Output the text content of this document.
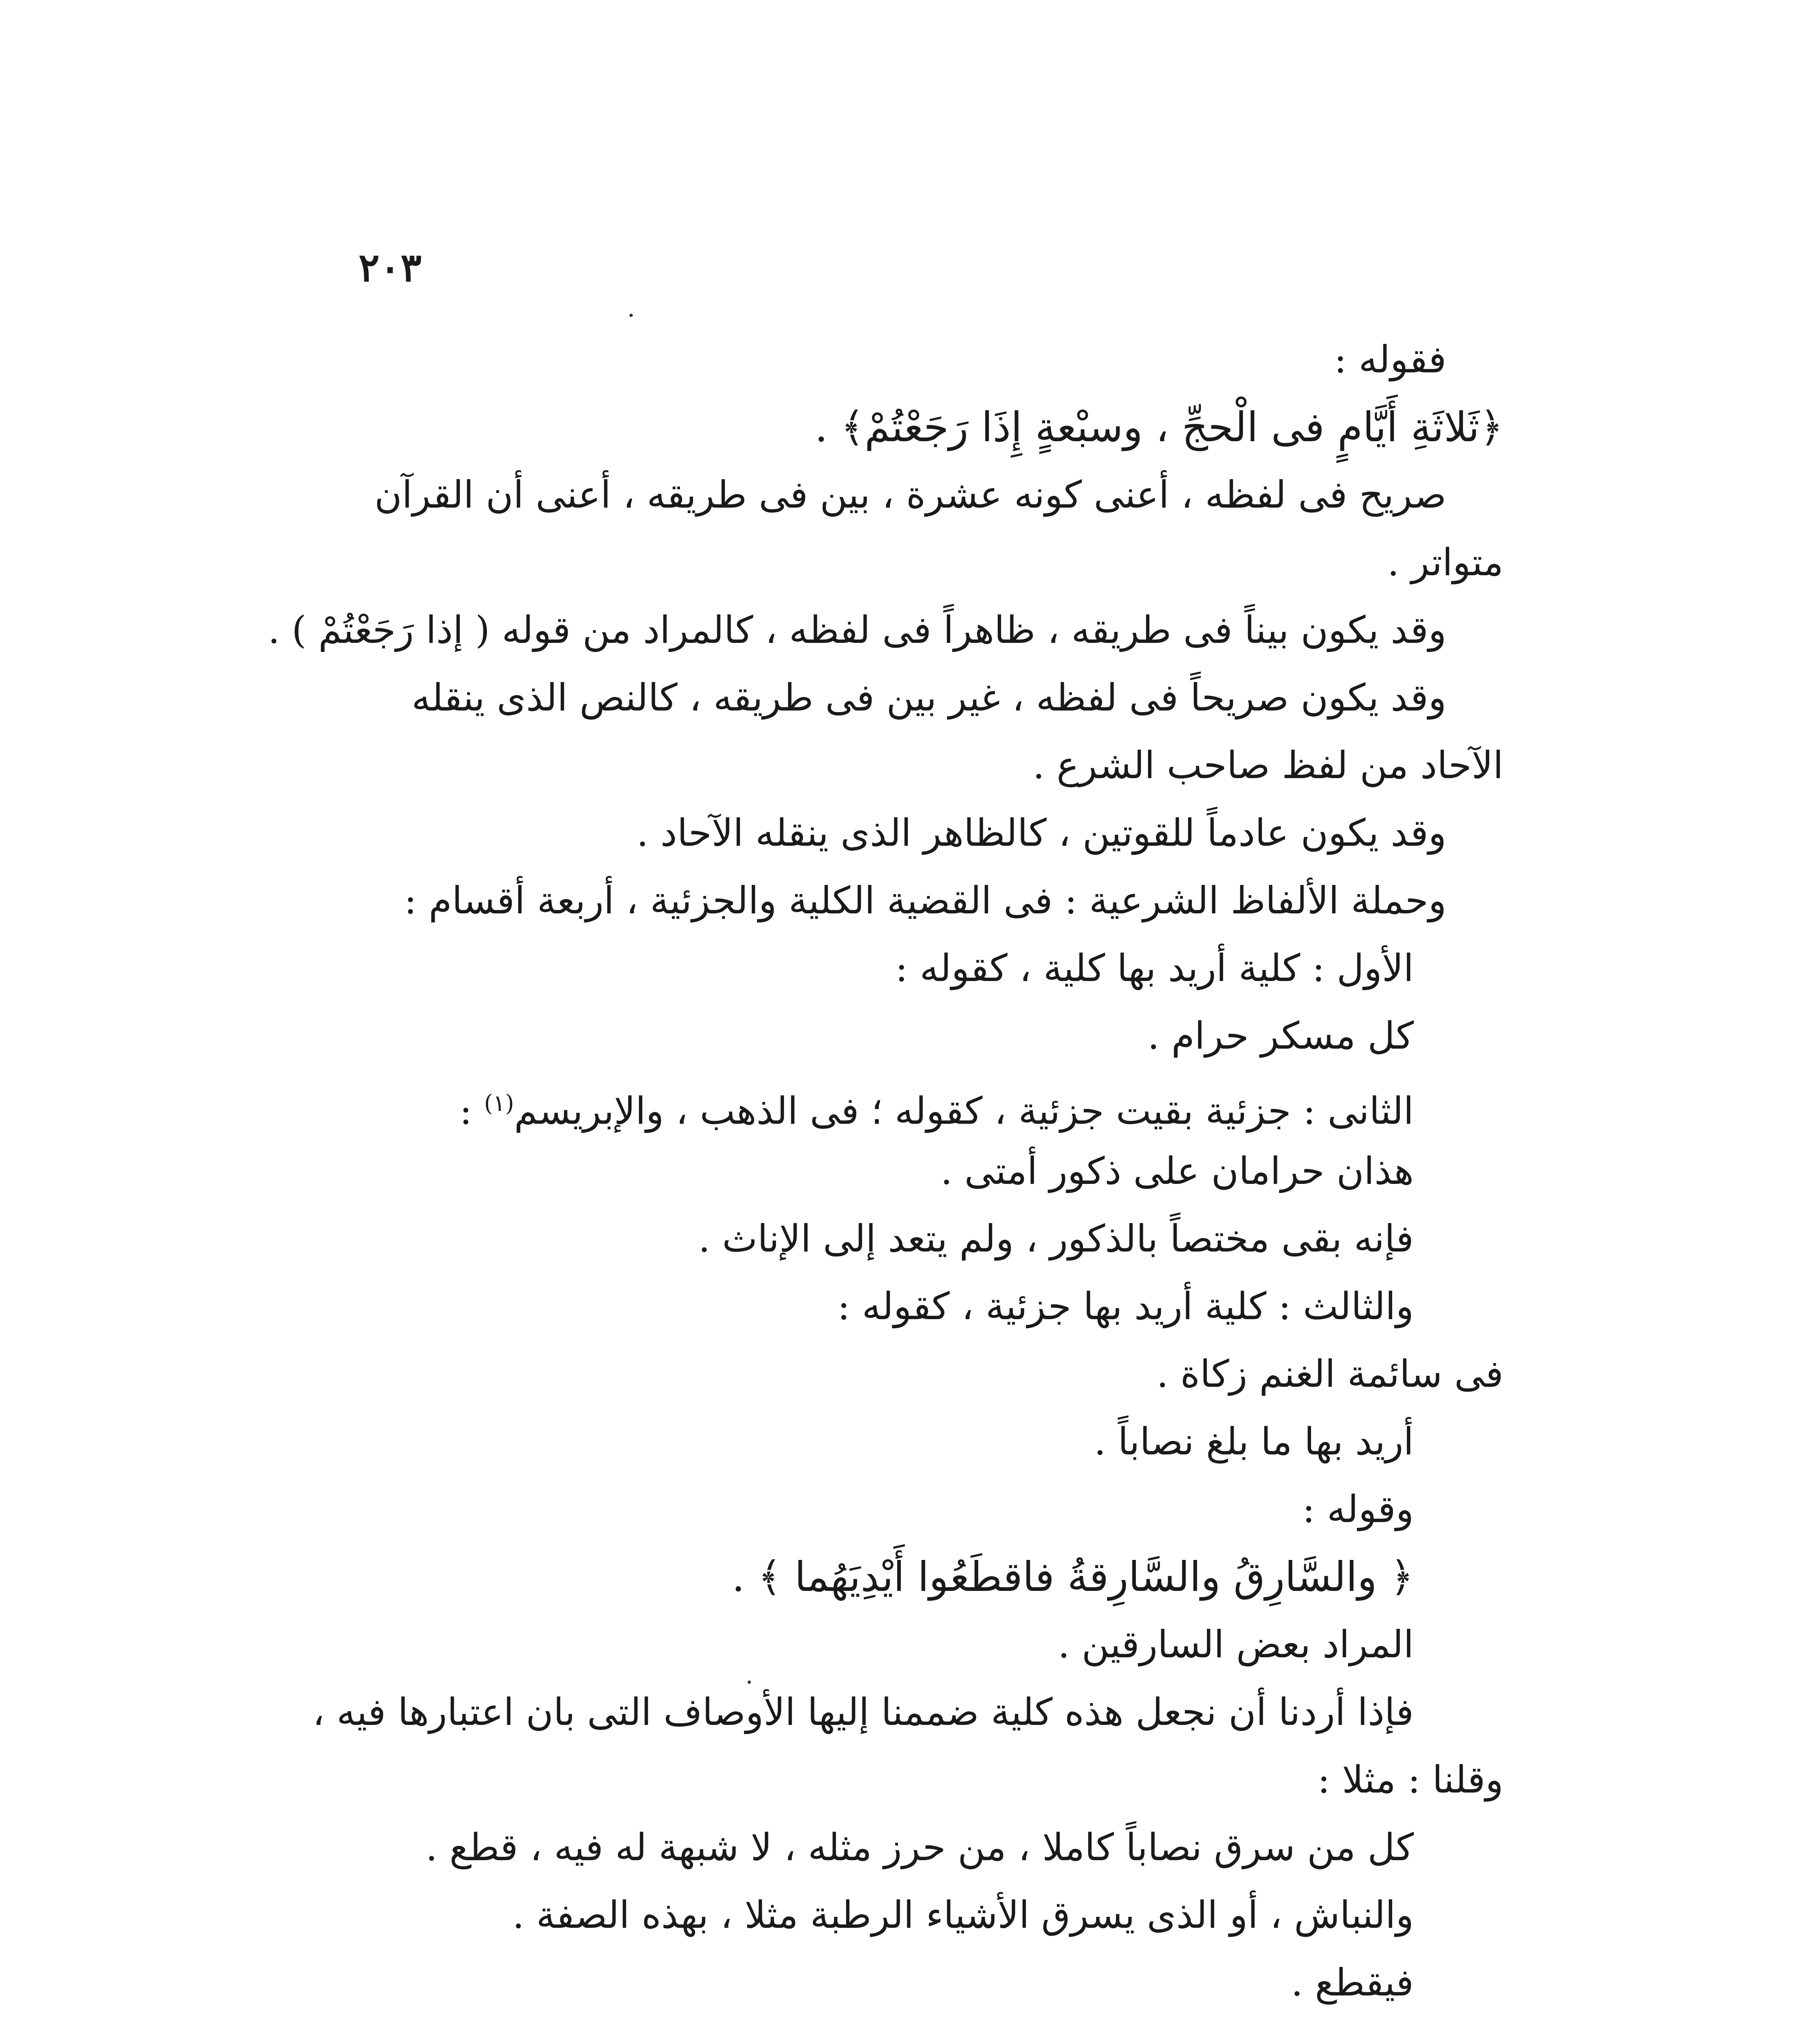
٢٠٣
فقوله :
﴿ثَلاثَةِ أَيَّامٍ فى الْحجِّ ، وسبْعةٍ إِذَا رَجَعْتُمْ﴾ .
صريح فى لفظه ، أعنى كونه عشرة ، بين فى طريقه ، أعنى أن القرآن
متواتر .
وقد يكون بيناً فى طريقه ، ظاهراً فى لفظه ، كالمراد من قوله ( إذا رَجَعْتُمْ ) .
وقد يكون صريحاً فى لفظه ، غير بين فى طريقه ، كالنص الذى ينقله
الآحاد من لفظ صاحب الشرع .
وقد يكون عادماً للقوتين ، كالظاهر الذى ينقله الآحاد .
وحملة الألفاظ الشرعية : فى القضية الكلية والجزئية ، أربعة أقسام :
الأول : كلية أريد بها كلية ، كقوله :
كل مسكر حرام .
الثانى : جزئية بقيت جزئية ، كقوله ؛ فى الذهب ، والإبريسم$^{(١)}$ :
هذان حرامان على ذكور أمتى .
فإنه بقى مختصاً بالذكور ، ولم يتعد إلى الإناث .
والثالث : كلية أريد بها جزئية ، كقوله :
فى سائمة الغنم زكاة .
أريد بها ما بلغ نصاباً .
وقوله :
﴿ والسَّارِقُ والسَّارِقةُ فاقطَعُوا أَيْدِيَهُما ﴾ .
المراد بعض السارقين .
فإذا أردنا أن نجعل هذه كلية ضممنا إليها الأوصاف التى بان اعتبارها فيه ،
وقلنا : مثلا :
كل من سرق نصاباً كاملا ، من حرز مثله ، لا شبهة له فيه ، قطع .
والنباش ، أو الذى يسرق الأشياء الرطبة مثلا ، بهذه الصفة .
فيقطع .
